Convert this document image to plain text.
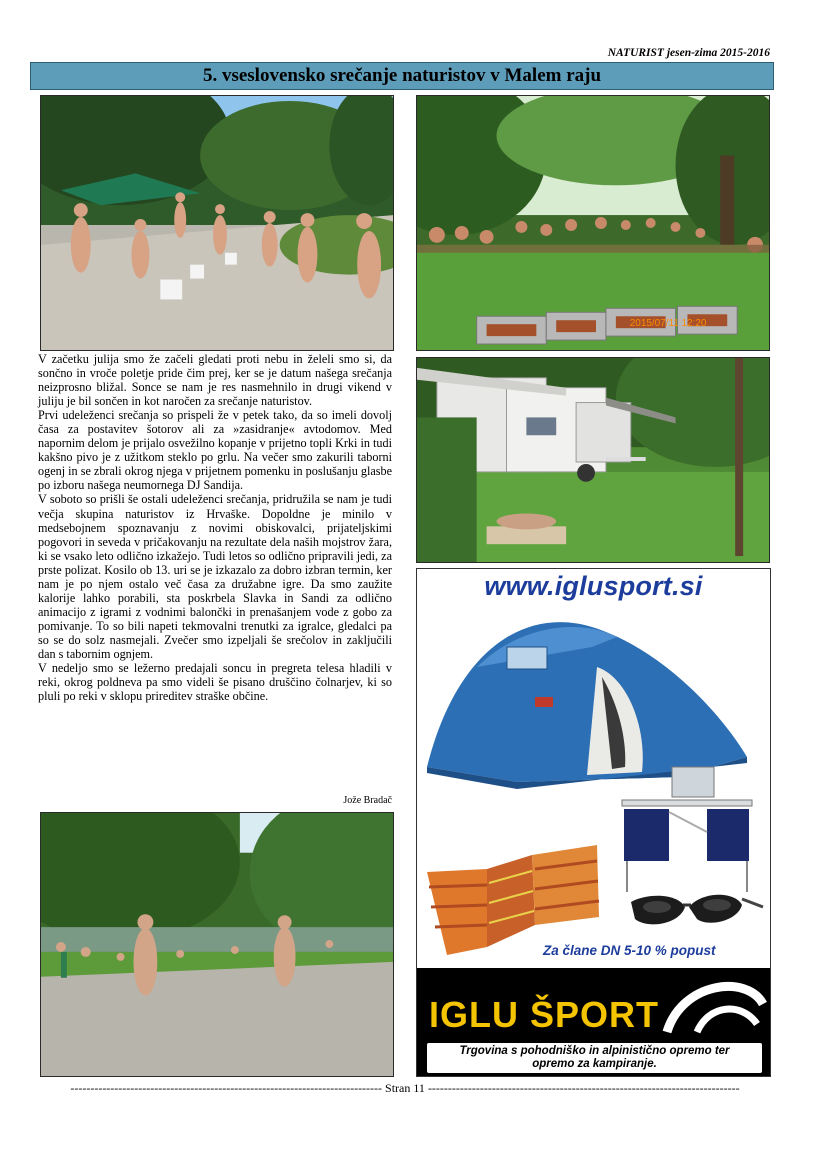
NATURIST jesen-zima 2015-2016
5. vseslovensko srečanje naturistov v Malem raju
2015/07/11 12:20

V začetku julija smo že začeli gledati proti nebu in želeli smo si, da sončno in vroče poletje pride čim prej, ker se je datum našega srečanja neizprosno bližal. Sonce se nam je res nasmehnilo in drugi vikend v juliju je bil sončen in kot naročen za srečanje naturistov.

Prvi udeleženci srečanja so prispeli že v petek tako, da so imeli dovolj časa za postavitev šotorov ali za »zasidranje« avtodomov. Med napornim delom je prijalo osvežilno kopanje v prijetno topli Krki in tudi kakšno pivo je z užitkom steklo po grlu. Na večer smo zakurili taborni ogenj in se zbrali okrog njega v prijetnem pomenku in poslušanju glasbe po izboru našega neumornega DJ Sandija.

V soboto so prišli še ostali udeleženci srečanja, pridružila se nam je tudi večja skupina naturistov iz Hrvaške. Dopoldne je minilo v medsebojnem spoznavanju z novimi obiskovalci, prijateljskimi pogovori in seveda v pričakovanju na rezultate dela naših mojstrov žara, ki se vsako leto odlično izkažejo. Tudi letos so odlično pripravili jedi, za prste polizat. Kosilo ob 13. uri se je izkazalo za dobro izbran termin, ker nam je po njem ostalo več časa za družabne igre. Da smo zaužite kalorije lahko porabili, sta poskrbela Slavka in Sandi za odlično animacijo z igrami z vodnimi balončki in prenašanjem vode z gobo za pomivanje. To so bili napeti tekmovalni trenutki za igralce, gledalci pa so se do solz nasmejali. Zvečer smo izpeljali še srečolov in zaključili dan s tabornim ognjem.

V nedeljo smo se ležerno predajali soncu in pregreta telesa hladili v reki, okrog poldneva pa smo videli še pisano druščino čolnarjev, ki so pluli po reki v sklopu prireditev straške občine.

Jože Bradač
www.iglusport.si
Za člane DN 5-10 % popust
IGLU ŠPORT
Trgovina s pohodniško in alpinistično opremo ter
opremo za kampiranje.
------------------------------------------------------------------------------ Stran 11 ------------------------------------------------------------------------------
